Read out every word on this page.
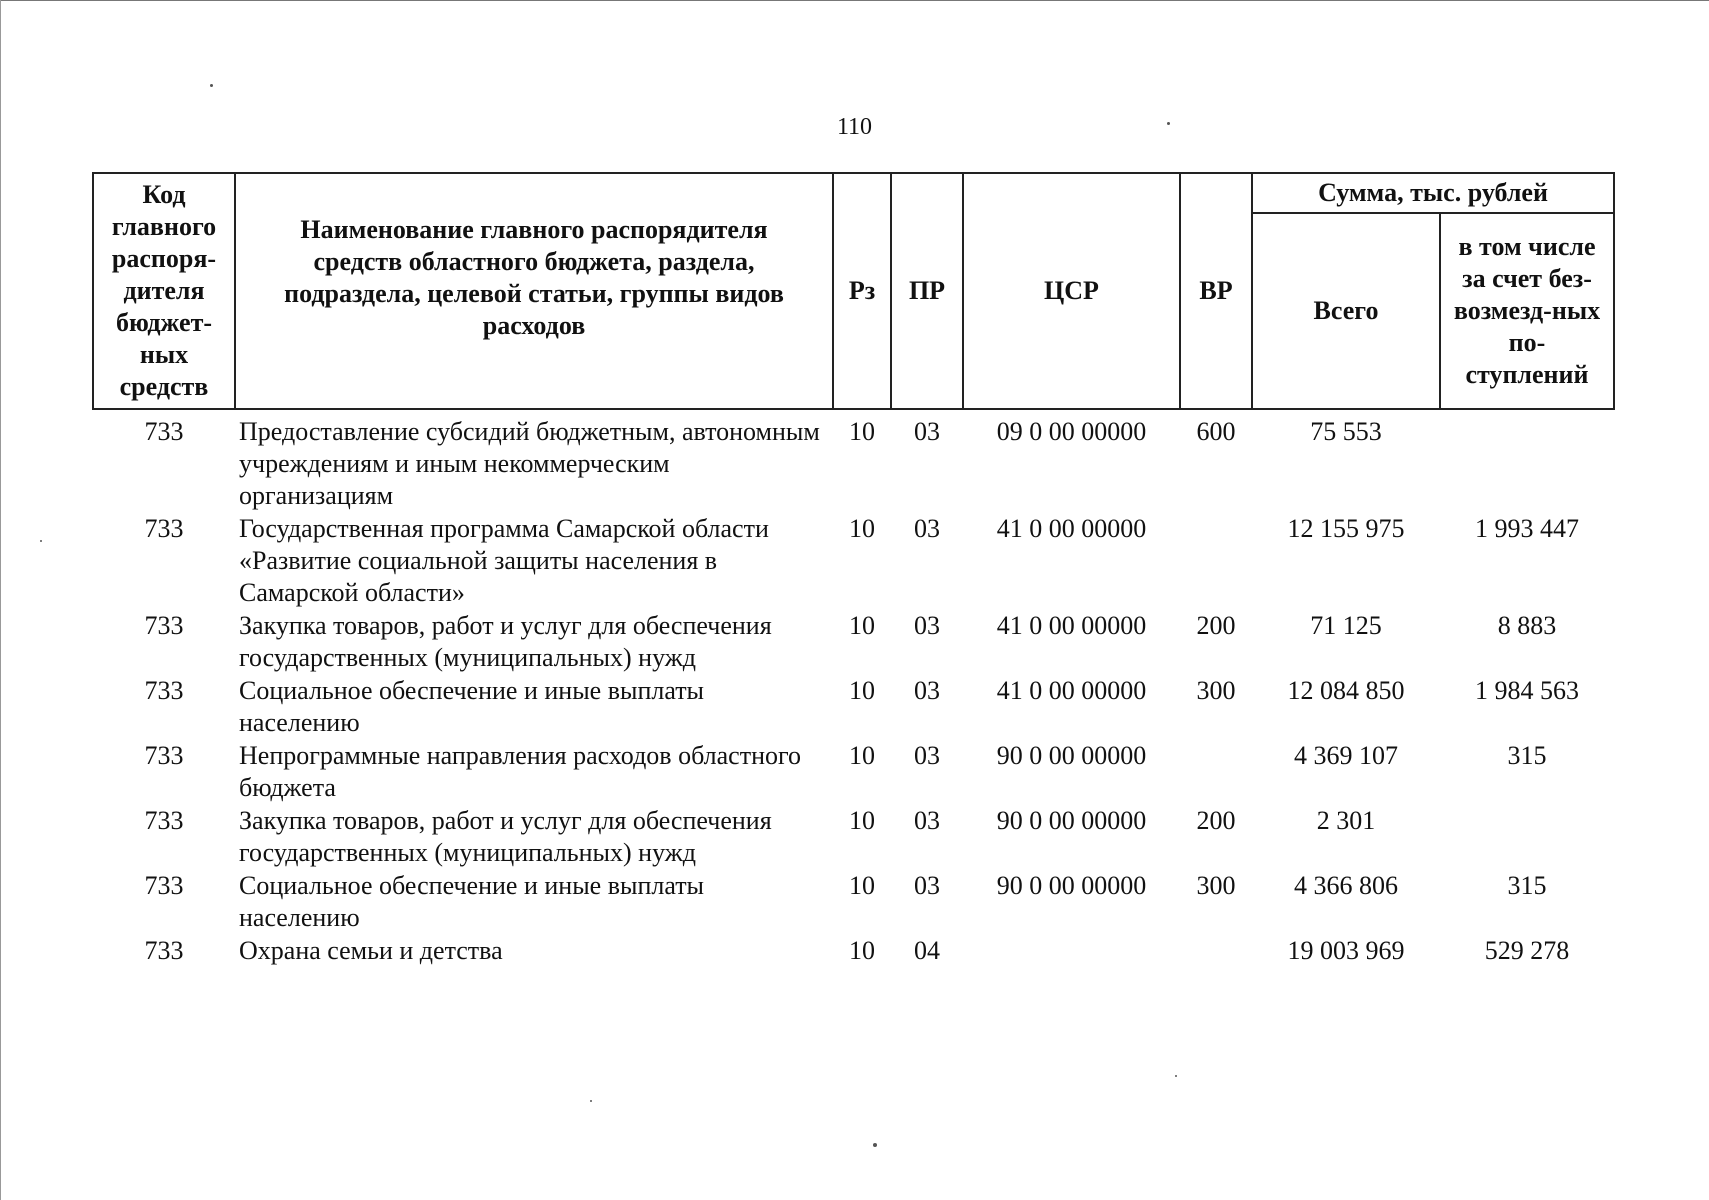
110
Код главного распоря-дителя бюджет-ных средств	Наименование главного распорядителя средств областного бюджета, раздела, подраздела, целевой статьи, группы видов расходов	Рз	ПР	ЦСР	ВР	Сумма, тыс. рублей	
						Всего	в том числе за счет без-возмезд-ных по-ступлений
733	Предоставление субсидий бюджетным, автономным учреждениям и иным некоммерческим организациям	10	03	09 0 00 00000	600	75 553	
733	Государственная программа Самарской области «Развитие социальной защиты населения в Самарской области»	10	03	41 0 00 00000		12 155 975	1 993 447
733	Закупка товаров, работ и услуг для обеспечения государственных (муниципальных) нужд	10	03	41 0 00 00000	200	71 125	8 883
733	Социальное обеспечение и иные выплаты населению	10	03	41 0 00 00000	300	12 084 850	1 984 563
733	Непрограммные направления расходов областного бюджета	10	03	90 0 00 00000		4 369 107	315
733	Закупка товаров, работ и услуг для обеспечения государственных (муниципальных) нужд	10	03	90 0 00 00000	200	2 301	
733	Социальное обеспечение и иные выплаты населению	10	03	90 0 00 00000	300	4 366 806	315
733	Охрана семьи и детства	10	04			19 003 969	529 278
